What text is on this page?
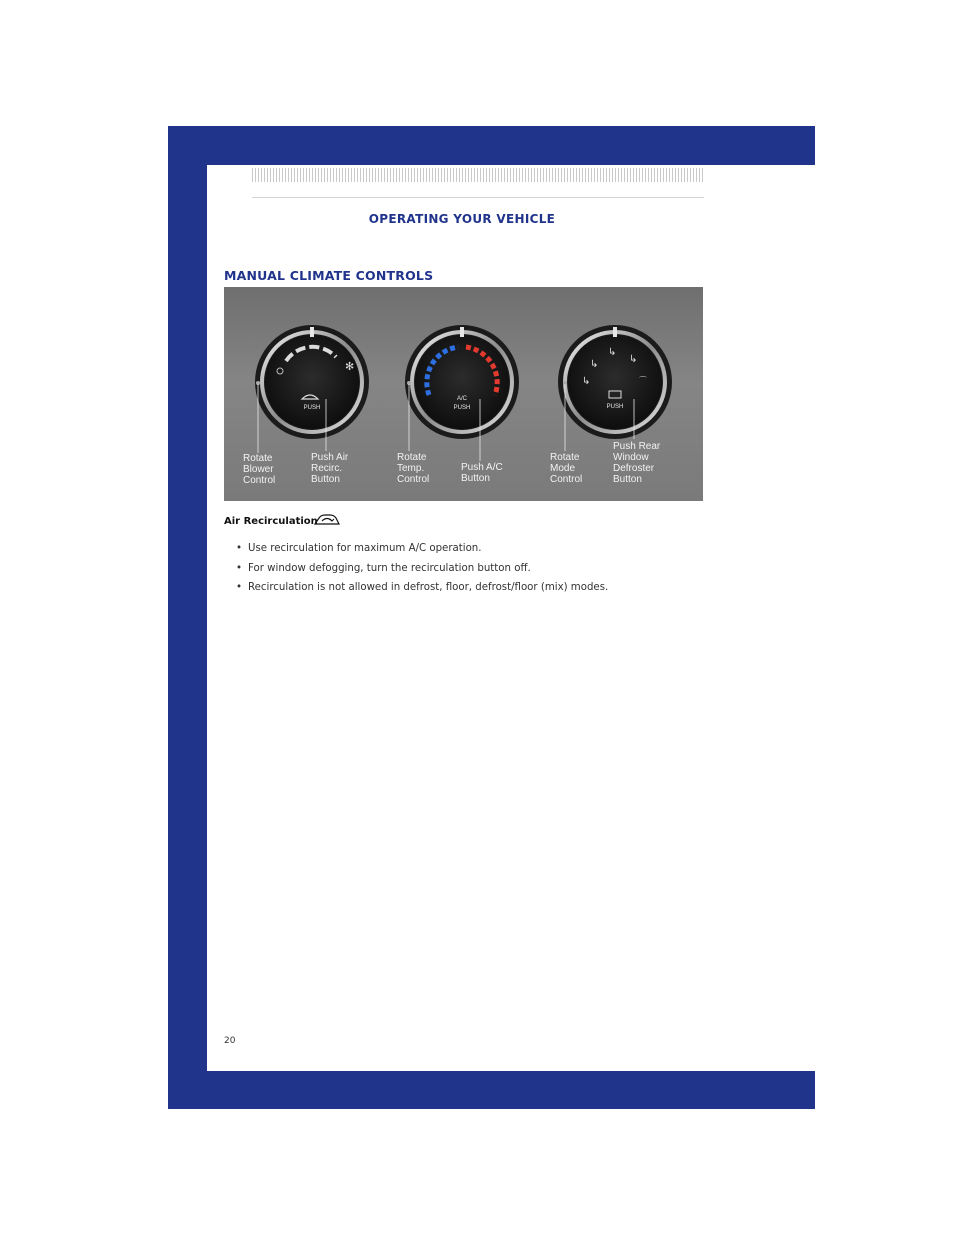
OPERATING YOUR VEHICLE
MANUAL CLIMATE CONTROLS
✻
PUSH
A/C
PUSH
↳
↳
↳
↳	⌒
PUSH
Rotate
Blower
Control
Push Air
Recirc.
Button
Rotate
Temp.
Control
Push A/C
Button
Rotate
Mode
Control
Push Rear
Window
Defroster
Button
Air Recirculation
• Use recirculation for maximum A/C operation.
• For window defogging, turn the recirculation button off.
• Recirculation is not allowed in defrost, floor, defrost/floor (mix) modes.
20
